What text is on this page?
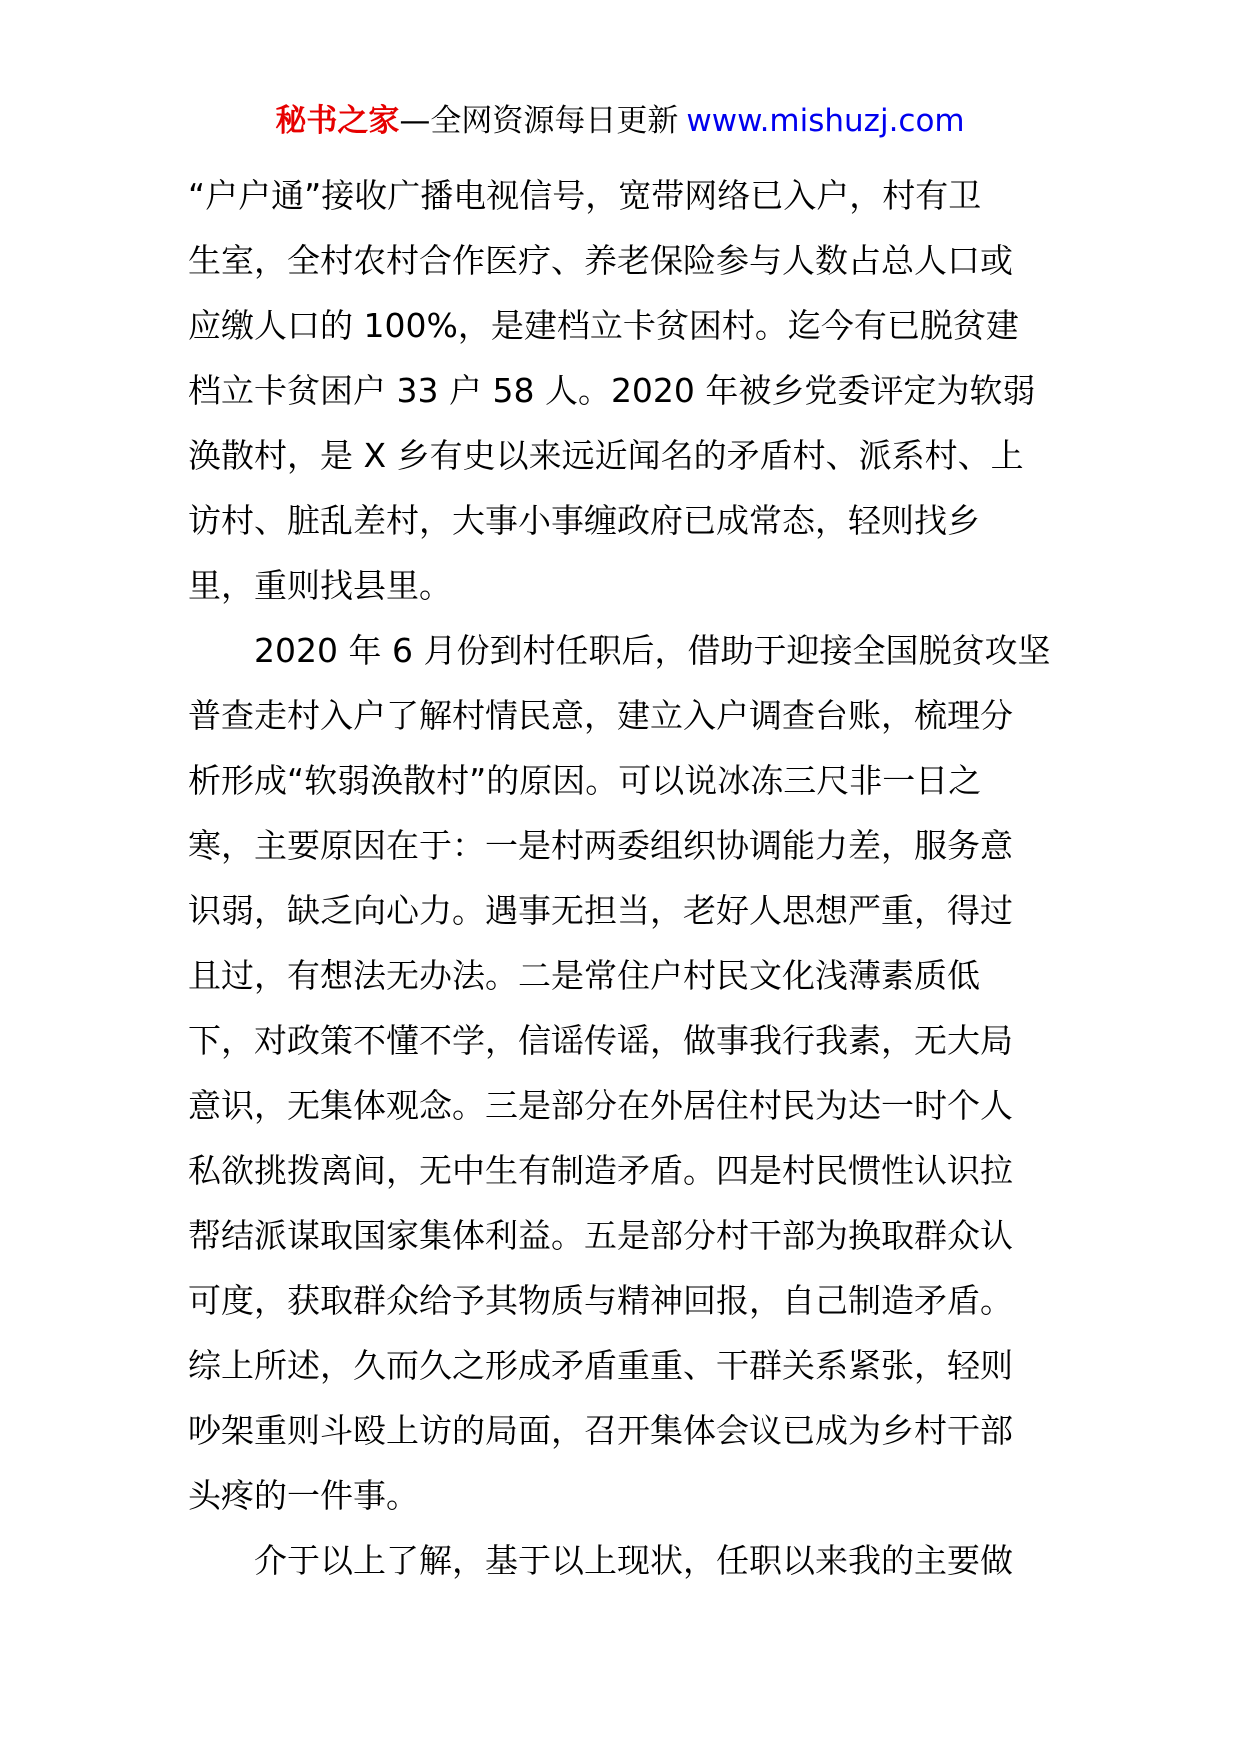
秘书之家—全网资源每日更新 www.mishuzj.com

“户户通”接收广播电视信号，宽带网络已入户，村有卫
生室，全村农村合作医疗、养老保险参与人数占总人口或
应缴人口的 100%，是建档立卡贫困村。迄今有已脱贫建
档立卡贫困户 33 户 58 人。2020 年被乡党委评定为软弱
涣散村，是 X 乡有史以来远近闻名的矛盾村、派系村、上
访村、脏乱差村，大事小事缠政府已成常态，轻则找乡
里，重则找县里。

2020 年 6 月份到村任职后，借助于迎接全国脱贫攻坚
普查走村入户了解村情民意，建立入户调查台账，梳理分
析形成“软弱涣散村”的原因。可以说冰冻三尺非一日之
寒，主要原因在于：一是村两委组织协调能力差，服务意
识弱，缺乏向心力。遇事无担当，老好人思想严重，得过
且过，有想法无办法。二是常住户村民文化浅薄素质低
下，对政策不懂不学，信谣传谣，做事我行我素，无大局
意识，无集体观念。三是部分在外居住村民为达一时个人
私欲挑拨离间，无中生有制造矛盾。四是村民惯性认识拉
帮结派谋取国家集体利益。五是部分村干部为换取群众认
可度，获取群众给予其物质与精神回报，自己制造矛盾。
综上所述，久而久之形成矛盾重重、干群关系紧张，轻则
吵架重则斗殴上访的局面，召开集体会议已成为乡村干部
头疼的一件事。

介于以上了解，基于以上现状，任职以来我的主要做
